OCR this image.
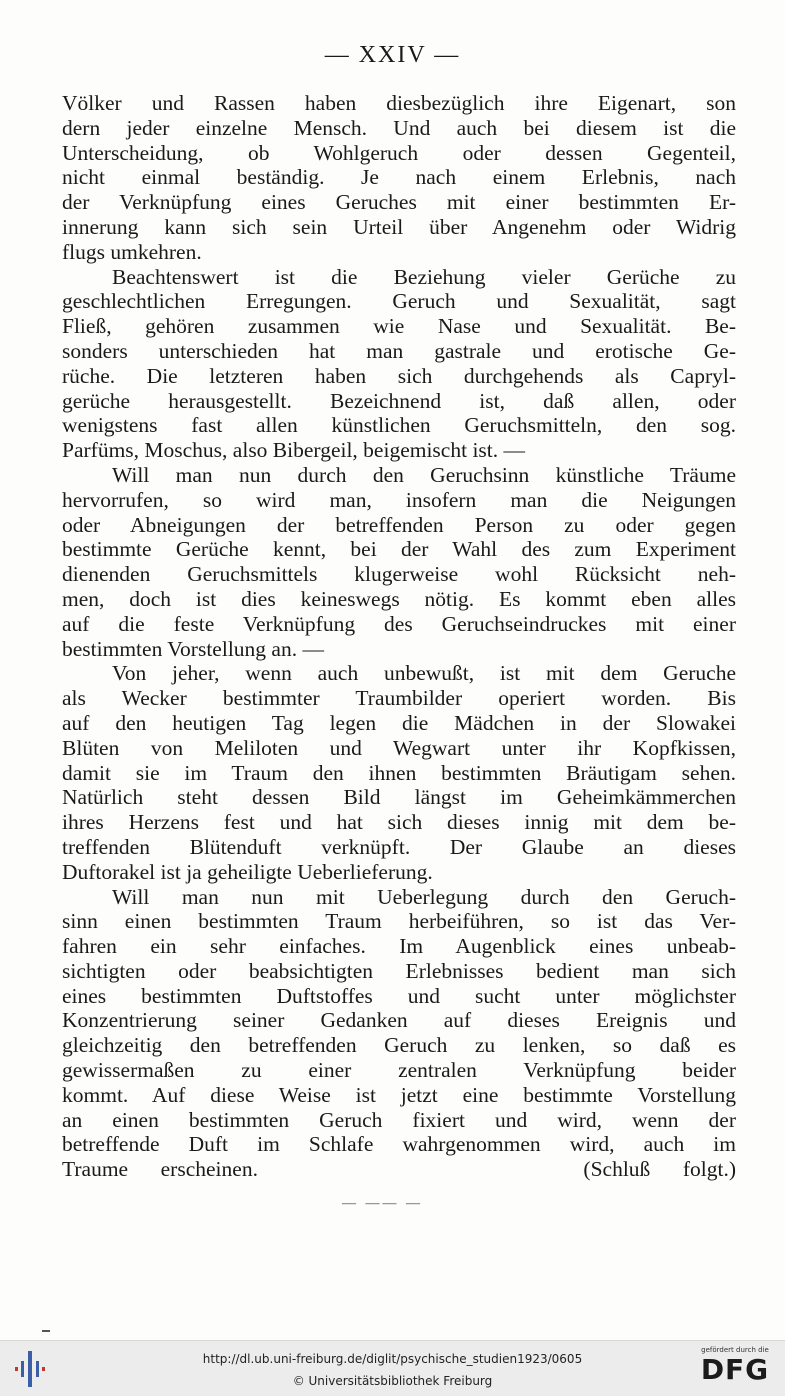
— XXIV —
Völker und Rassen haben diesbezüglich ihre Eigenart, son
dern jeder einzelne Mensch. Und auch bei diesem ist die
Unterscheidung, ob Wohlgeruch oder dessen Gegenteil,
nicht einmal beständig. Je nach einem Erlebnis, nach
der Verknüpfung eines Geruches mit einer bestimmten Er-
innerung kann sich sein Urteil über Angenehm oder Widrig
flugs umkehren.
Beachtenswert ist die Beziehung vieler Gerüche zu
geschlechtlichen Erregungen. Geruch und Sexualität, sagt
Fließ, gehören zusammen wie Nase und Sexualität. Be-
sonders unterschieden hat man gastrale und erotische Ge-
rüche. Die letzteren haben sich durchgehends als Capryl-
gerüche herausgestellt. Bezeichnend ist, daß allen, oder
wenigstens fast allen künstlichen Geruchsmitteln, den sog.
Parfüms, Moschus, also Bibergeil, beigemischt ist. —
Will man nun durch den Geruchsinn künstliche Träume
hervorrufen, so wird man, insofern man die Neigungen
oder Abneigungen der betreffenden Person zu oder gegen
bestimmte Gerüche kennt, bei der Wahl des zum Experiment
dienenden Geruchsmittels klugerweise wohl Rücksicht neh-
men, doch ist dies keineswegs nötig. Es kommt eben alles
auf die feste Verknüpfung des Geruchseindruckes mit einer
bestimmten Vorstellung an. —
Von jeher, wenn auch unbewußt, ist mit dem Geruche
als Wecker bestimmter Traumbilder operiert worden. Bis
auf den heutigen Tag legen die Mädchen in der Slowakei
Blüten von Meliloten und Wegwart unter ihr Kopfkissen,
damit sie im Traum den ihnen bestimmten Bräutigam sehen.
Natürlich steht dessen Bild längst im Geheimkämmerchen
ihres Herzens fest und hat sich dieses innig mit dem be-
treffenden Blütenduft verknüpft. Der Glaube an dieses
Duftorakel ist ja geheiligte Ueberlieferung.
Will man nun mit Ueberlegung durch den Geruch-
sinn einen bestimmten Traum herbeiführen, so ist das Ver-
fahren ein sehr einfaches. Im Augenblick eines unbeab-
sichtigten oder beabsichtigten Erlebnisses bedient man sich
eines bestimmten Duftstoffes und sucht unter möglichster
Konzentrierung seiner Gedanken auf dieses Ereignis und
gleichzeitig den betreffenden Geruch zu lenken, so daß es
gewissermaßen zu einer zentralen Verknüpfung beider
kommt. Auf diese Weise ist jetzt eine bestimmte Vorstellung
an einen bestimmten Geruch fixiert und wird, wenn der
betreffende Duft im Schlafe wahrgenommen wird, auch im
Traume erscheinen.          (Schluß folgt.)
— —— —
http://dl.ub.uni-freiburg.de/diglit/psychische_studien1923/0605
© Universitätsbibliothek Freiburg
gefördert durch die
DFG
